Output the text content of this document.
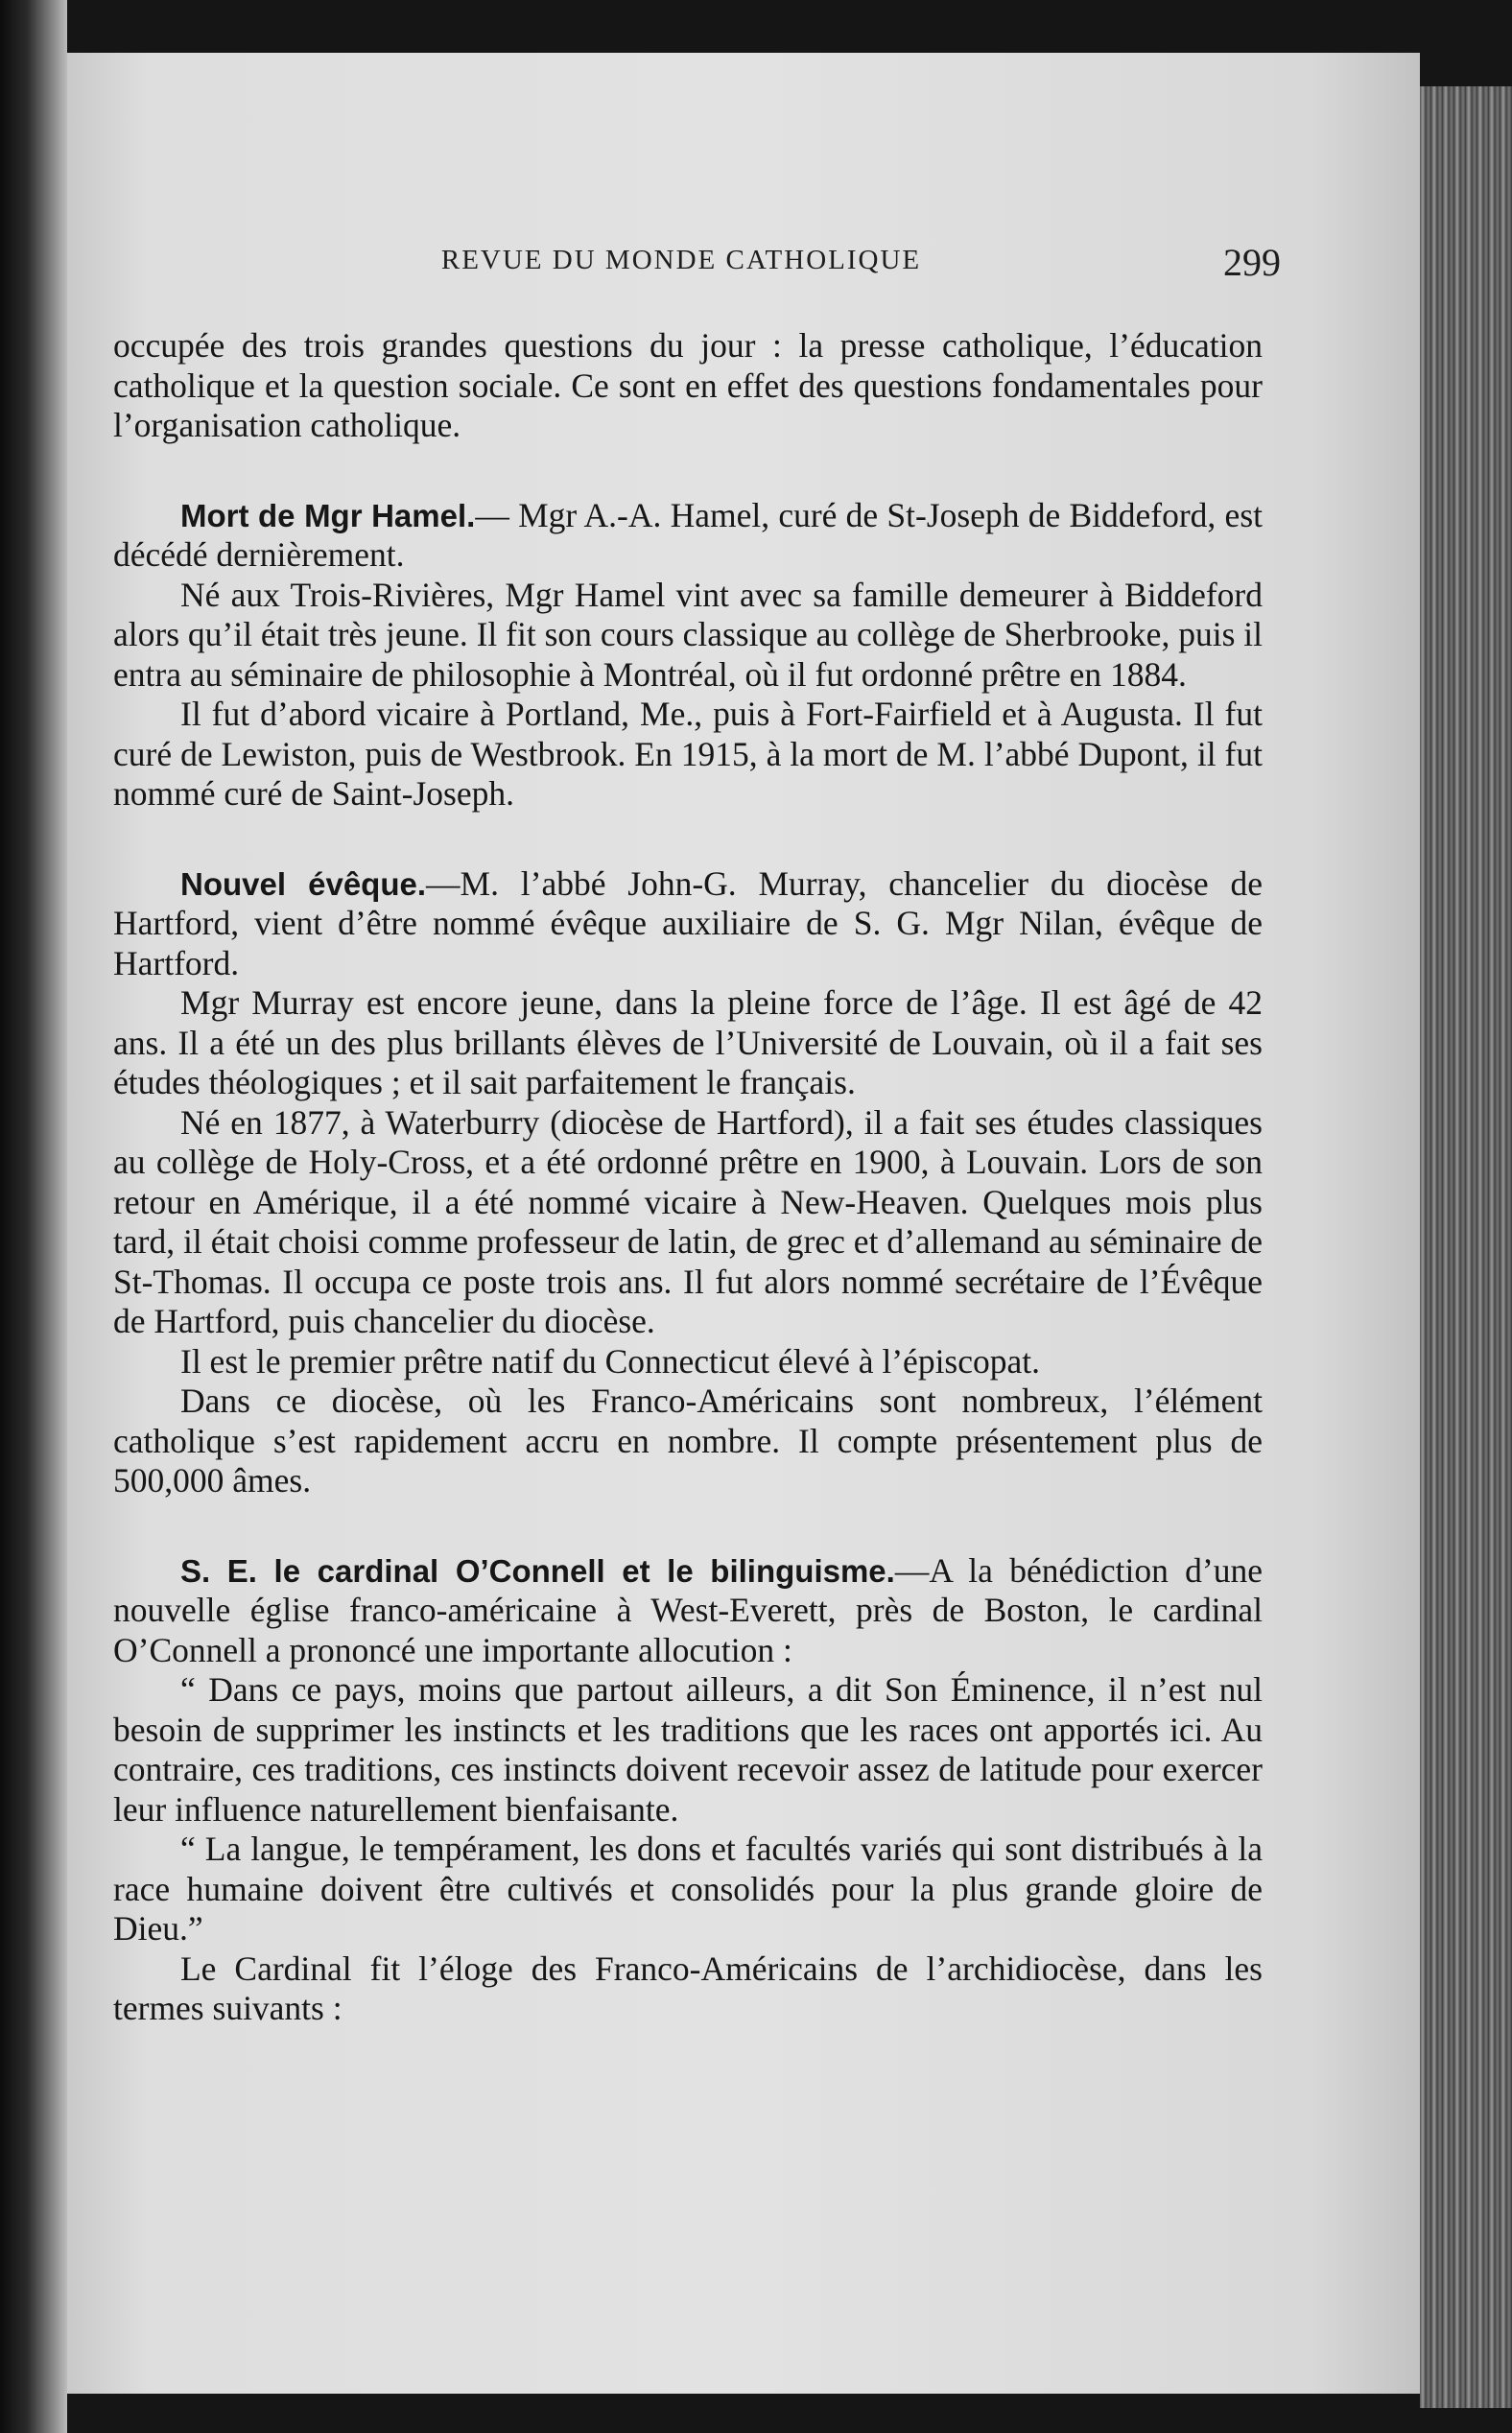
REVUE DU MONDE CATHOLIQUE	299

occupée des trois grandes questions du jour : la presse catholique, l’éducation catholique et la question sociale. Ce sont en effet des questions fondamentales pour l’organisation catholique.

Mort de Mgr Hamel.— Mgr A.-A. Hamel, curé de St-Joseph de Biddeford, est décédé dernièrement.

Né aux Trois-Rivières, Mgr Hamel vint avec sa famille demeurer à Biddeford alors qu’il était très jeune. Il fit son cours classique au collège de Sherbrooke, puis il entra au séminaire de philosophie à Montréal, où il fut ordonné prêtre en 1884.

Il fut d’abord vicaire à Portland, Me., puis à Fort-Fairfield et à Augusta. Il fut curé de Lewiston, puis de Westbrook. En 1915, à la mort de M. l’abbé Dupont, il fut nommé curé de Saint-Joseph.

Nouvel évêque.—M. l’abbé John-G. Murray, chancelier du diocèse de Hartford, vient d’être nommé évêque auxiliaire de S. G. Mgr Nilan, évêque de Hartford.

Mgr Murray est encore jeune, dans la pleine force de l’âge. Il est âgé de 42 ans. Il a été un des plus brillants élèves de l’Université de Louvain, où il a fait ses études théologiques ; et il sait parfaitement le français.

Né en 1877, à Waterburry (diocèse de Hartford), il a fait ses études classiques au collège de Holy-Cross, et a été ordonné prêtre en 1900, à Louvain. Lors de son retour en Amérique, il a été nommé vicaire à New-Heaven. Quelques mois plus tard, il était choisi comme professeur de latin, de grec et d’allemand au séminaire de St-Thomas. Il occupa ce poste trois ans. Il fut alors nommé secrétaire de l’Évêque de Hartford, puis chancelier du diocèse.

Il est le premier prêtre natif du Connecticut élevé à l’épiscopat.

Dans ce diocèse, où les Franco-Américains sont nombreux, l’élément catholique s’est rapidement accru en nombre. Il compte présentement plus de 500,000 âmes.

S. E. le cardinal O’Connell et le bilinguisme.—A la bénédiction d’une nouvelle église franco-américaine à West-Everett, près de Boston, le cardinal O’Connell a prononcé une importante allocution :

“ Dans ce pays, moins que partout ailleurs, a dit Son Éminence, il n’est nul besoin de supprimer les instincts et les traditions que les races ont apportés ici. Au contraire, ces traditions, ces instincts doivent recevoir assez de latitude pour exercer leur influence naturellement bienfaisante.

“ La langue, le tempérament, les dons et facultés variés qui sont distribués à la race humaine doivent être cultivés et consolidés pour la plus grande gloire de Dieu.”

Le Cardinal fit l’éloge des Franco-Américains de l’archidiocèse, dans les termes suivants :
